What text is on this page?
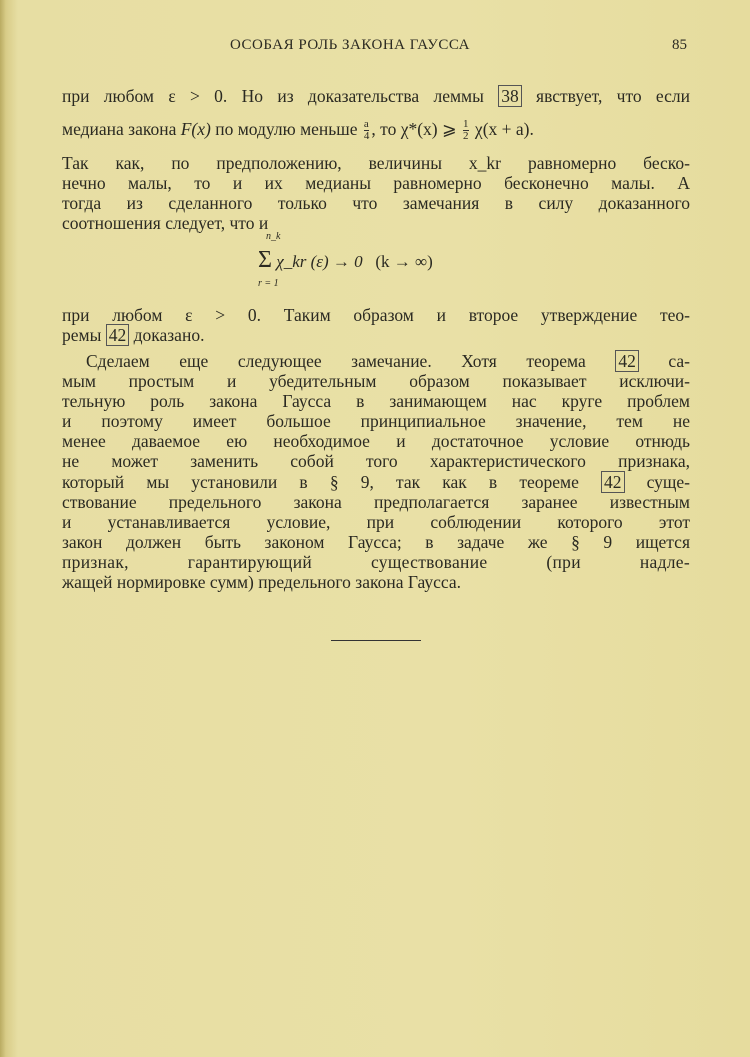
ОСОБАЯ РОЛЬ ЗАКОНА ГАУССА	85
при любом ε > 0. Но из доказательства леммы 38 явствует, что если
медиана закона F(x) по модулю меньше $\frac{a}{4}$ , то χ*(x) ⩾ $\frac{1}{2} \chi(x + a)$.
Так как, по предположению, величины x_kr равномерно беско-
нечно малы, то и их медианы равномерно бесконечно малы. А
тогда из сделанного только что замечания в силу доказанного
соотношения следует, что и
n_k
Σ χ_kr (ε) → 0 (k → ∞)
r = 1
при любом ε > 0. Таким образом и второе утверждение тео-
ремы 42 доказано.
Сделаем еще следующее замечание. Хотя теорема 42 са-
мым простым и убедительным образом показывает исключи-
тельную роль закона Гаусса в занимающем нас круге проблем
и поэтому имеет большое принципиальное значение, тем не
менее даваемое ею необходимое и достаточное условие отнюдь
не может заменить собой того характеристического признака,
который мы установили в § 9, так как в теореме 42 суще-
ствование предельного закона предполагается заранее известным
и устанавливается условие, при соблюдении которого этот
закон должен быть законом Гаусса; в задаче же § 9 ищется
признак, гарантирующий существование (при надле-
жащей нормировке сумм) предельного закона Гаусса.
